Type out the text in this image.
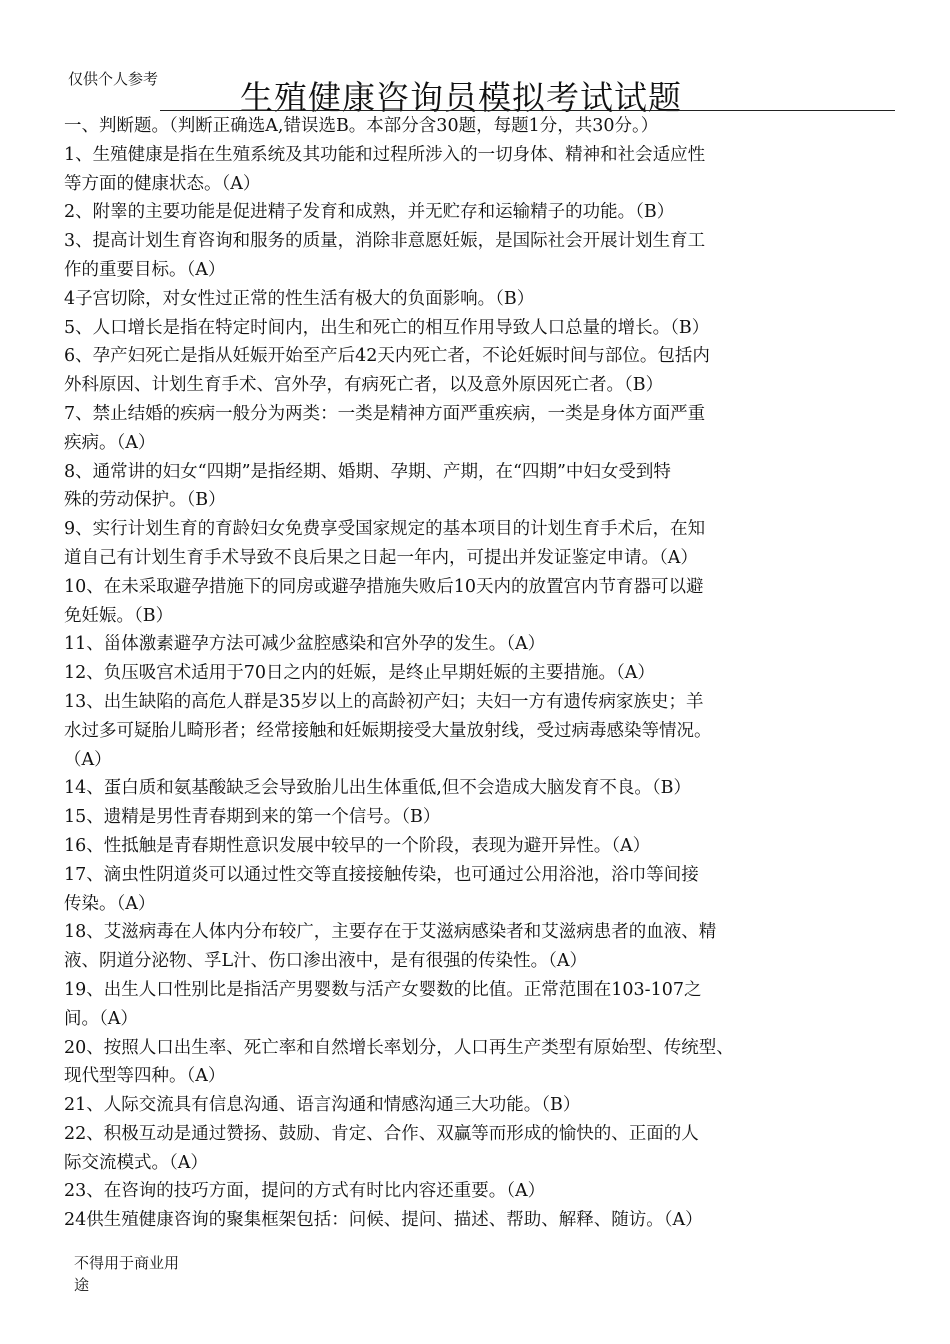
仅供个人参考 生殖健康咨询员模拟考试试题
一、判断题。（判断正确选A,错误选B。本部分含30题，每题1分，共30分。）
1、生殖健康是指在生殖系统及其功能和过程所涉入的一切身体、精神和社会适应性
等方面的健康状态。（A）
2、附睾的主要功能是促进精子发育和成熟，并无贮存和运输精子的功能。（B）
3、提高计划生育咨询和服务的质量，消除非意愿妊娠，是国际社会开展计划生育工
作的重要目标。（A）
4子宫切除，对女性过正常的性生活有极大的负面影响。（B）
5、人口增长是指在特定时间内，出生和死亡的相互作用导致人口总量的增长。（B）
6、孕产妇死亡是指从妊娠开始至产后42天内死亡者，不论妊娠时间与部位。包括内
外科原因、计划生育手术、宫外孕，有病死亡者，以及意外原因死亡者。（B）
7、禁止结婚的疾病一般分为两类：一类是精神方面严重疾病，一类是身体方面严重
疾病。（A）
8、通常讲的妇女“四期”是指经期、婚期、孕期、产期，在“四期”中妇女受到特
殊的劳动保护。（B）
9、实行计划生育的育龄妇女免费享受国家规定的基本项目的计划生育手术后，在知
道自己有计划生育手术导致不良后果之日起一年内，可提出并发证鉴定申请。（A）
10、在未采取避孕措施下的同房或避孕措施失败后10天内的放置宫内节育器可以避
免妊娠。（B）
11、甾体激素避孕方法可减少盆腔感染和宫外孕的发生。（A）
12、负压吸宫术适用于70日之内的妊娠，是终止早期妊娠的主要措施。（A）
13、出生缺陷的高危人群是35岁以上的高龄初产妇；夫妇一方有遗传病家族史；羊
水过多可疑胎儿畸形者；经常接触和妊娠期接受大量放射线，受过病毒感染等情况。
（A）
14、蛋白质和氨基酸缺乏会导致胎儿出生体重低,但不会造成大脑发育不良。（B）
15、遗精是男性青春期到来的第一个信号。（B）
16、性抵触是青春期性意识发展中较早的一个阶段，表现为避开异性。（A）
17、滴虫性阴道炎可以通过性交等直接接触传染，也可通过公用浴池，浴巾等间接
传染。（A）
18、艾滋病毒在人体内分布较广，主要存在于艾滋病感染者和艾滋病患者的血液、精
液、阴道分泌物、孚L汁、伤口渗出液中，是有很强的传染性。（A）
19、出生人口性别比是指活产男婴数与活产女婴数的比值。正常范围在103-107之
间。（A）
20、按照人口出生率、死亡率和自然增长率划分，人口再生产类型有原始型、传统型、
现代型等四种。（A）
21、人际交流具有信息沟通、语言沟通和情感沟通三大功能。（B）
22、积极互动是通过赞扬、鼓励、肯定、合作、双赢等而形成的愉快的、正面的人
际交流模式。（A）
23、在咨询的技巧方面，提问的方式有时比内容还重要。（A）
24供生殖健康咨询的聚集框架包括：问候、提问、描述、帮助、解释、随访。（A）
不得用于商业用
途
